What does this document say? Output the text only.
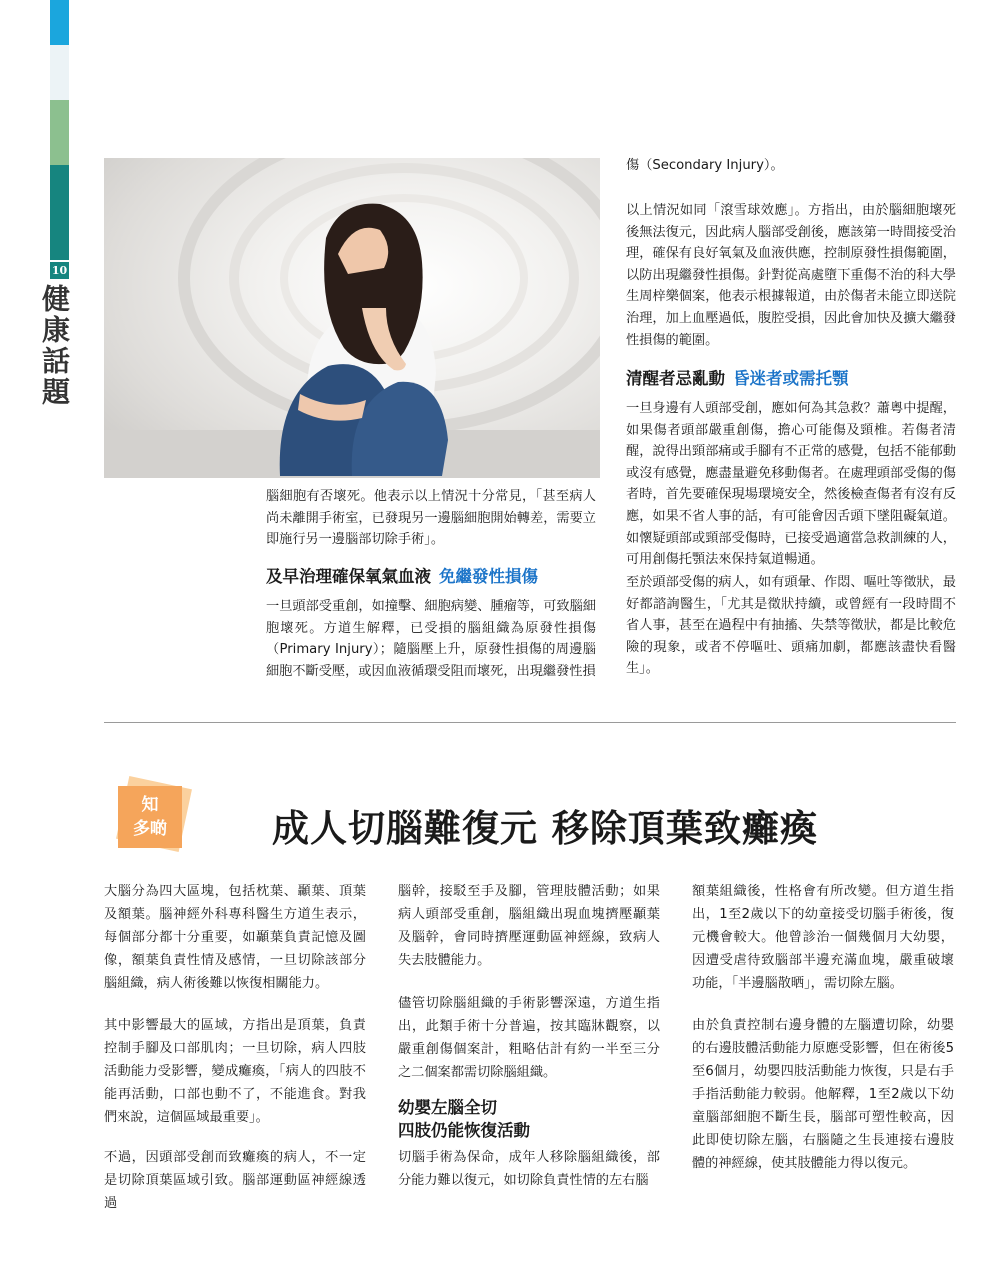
10
健康話題

腦細胞有否壞死。他表示以上情況十分常見，「甚至病人尚未離開手術室，已發現另一邊腦細胞開始轉差，需要立即施行另一邊腦部切除手術」。

及早治理確保氧氣血液 免繼發性損傷

一旦頭部受重創，如撞擊、細胞病變、腫瘤等，可致腦細胞壞死。方道生解釋，已受損的腦組織為原發性損傷（Primary Injury）；隨腦壓上升，原發性損傷的周邊腦細胞不斷受壓，或因血液循環受阻而壞死，出現繼發性損

傷（Secondary Injury）。

以上情況如同「滾雪球效應」。方指出，由於腦細胞壞死後無法復元，因此病人腦部受創後，應該第一時間接受治理，確保有良好氧氣及血液供應，控制原發性損傷範圍，以防出現繼發性損傷。針對從高處墮下重傷不治的科大學生周梓樂個案，他表示根據報道，由於傷者未能立即送院治理，加上血壓過低，腹腔受損，因此會加快及擴大繼發性損傷的範圍。

清醒者忌亂動 昏迷者或需托顎

一旦身邊有人頭部受創，應如何為其急救？蕭粵中提醒，如果傷者頭部嚴重創傷，擔心可能傷及頸椎。若傷者清醒，說得出頸部痛或手腳有不正常的感覺，包括不能郁動或沒有感覺，應盡量避免移動傷者。在處理頭部受傷的傷者時，首先要確保現場環境安全，然後檢查傷者有沒有反應，如果不省人事的話，有可能會因舌頭下墜阻礙氣道。如懷疑頭部或頸部受傷時，已接受過適當急救訓練的人，可用創傷托顎法來保持氣道暢通。

至於頭部受傷的病人，如有頭暈、作悶、嘔吐等徵狀，最好都諮詢醫生，「尤其是徵狀持續，或曾經有一段時間不省人事，甚至在過程中有抽搐、失禁等徵狀，都是比較危險的現象，或者不停嘔吐、頭痛加劇，都應該盡快看醫生」。

知
多啲	成人切腦難復元 移除頂葉致癱瘓

大腦分為四大區塊，包括枕葉、顳葉、頂葉及額葉。腦神經外科專科醫生方道生表示，每個部分都十分重要，如顳葉負責記憶及圖像，額葉負責性情及感情，一旦切除該部分腦組織，病人術後難以恢復相關能力。

其中影響最大的區域，方指出是頂葉，負責控制手腳及口部肌肉；一旦切除，病人四肢活動能力受影響，變成癱瘓，「病人的四肢不能再活動，口部也動不了，不能進食。對我們來說，這個區域最重要」。

不過，因頭部受創而致癱瘓的病人，不一定是切除頂葉區域引致。腦部運動區神經線透過

腦幹，接駁至手及腳，管理肢體活動；如果病人頭部受重創，腦組織出現血塊擠壓顳葉及腦幹，會同時擠壓運動區神經線，致病人失去肢體能力。

儘管切除腦組織的手術影響深遠，方道生指出，此類手術十分普遍，按其臨牀觀察，以嚴重創傷個案計，粗略估計有約一半至三分之二個案都需切除腦組織。

幼嬰左腦全切
四肢仍能恢復活動

切腦手術為保命，成年人移除腦組織後，部分能力難以復元，如切除負責性情的左右腦

額葉組織後，性格會有所改變。但方道生指出，1至2歲以下的幼童接受切腦手術後，復元機會較大。他曾診治一個幾個月大幼嬰，因遭受虐待致腦部半邊充滿血塊，嚴重破壞功能，「半邊腦散晒」，需切除左腦。

由於負責控制右邊身體的左腦遭切除，幼嬰的右邊肢體活動能力原應受影響，但在術後5至6個月，幼嬰四肢活動能力恢復，只是右手手指活動能力較弱。他解釋，1至2歲以下幼童腦部細胞不斷生長，腦部可塑性較高，因此即使切除左腦，右腦隨之生長連接右邊肢體的神經線，使其肢體能力得以復元。
